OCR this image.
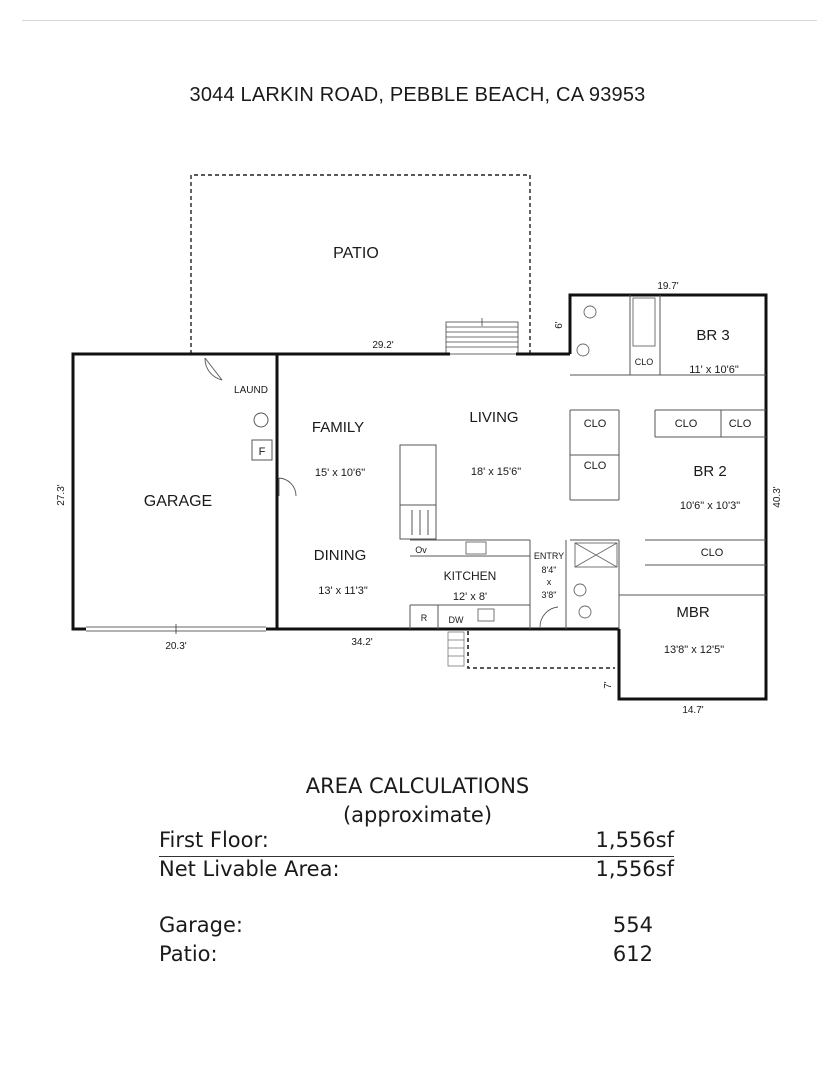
3044 LARKIN ROAD, PEBBLE BEACH, CA 93953
PATIO
GARAGE
LAUND
F
FAMILY
15' x 10'6"
LIVING
18' x 15'6"
DINING
13' x 11'3"
KITCHEN
12' x 8'
Ov
R DW
ENTRY
8'4"
x
3'8"
BR 3
11' x 10'6"
CLO
BR 2
10'6" x 10'3"
CLO
CLO
CLO	CLO
CLO
MBR
13'8" x 12'5"
29.2'
19.7'
6'
27.3'
20.3'	34.2'
40.3'
7'
14.7'
AREA CALCULATIONS
(approximate)
First Floor:	1,556sf
Net Livable Area:	1,556sf
Garage:	554
Patio:	612
